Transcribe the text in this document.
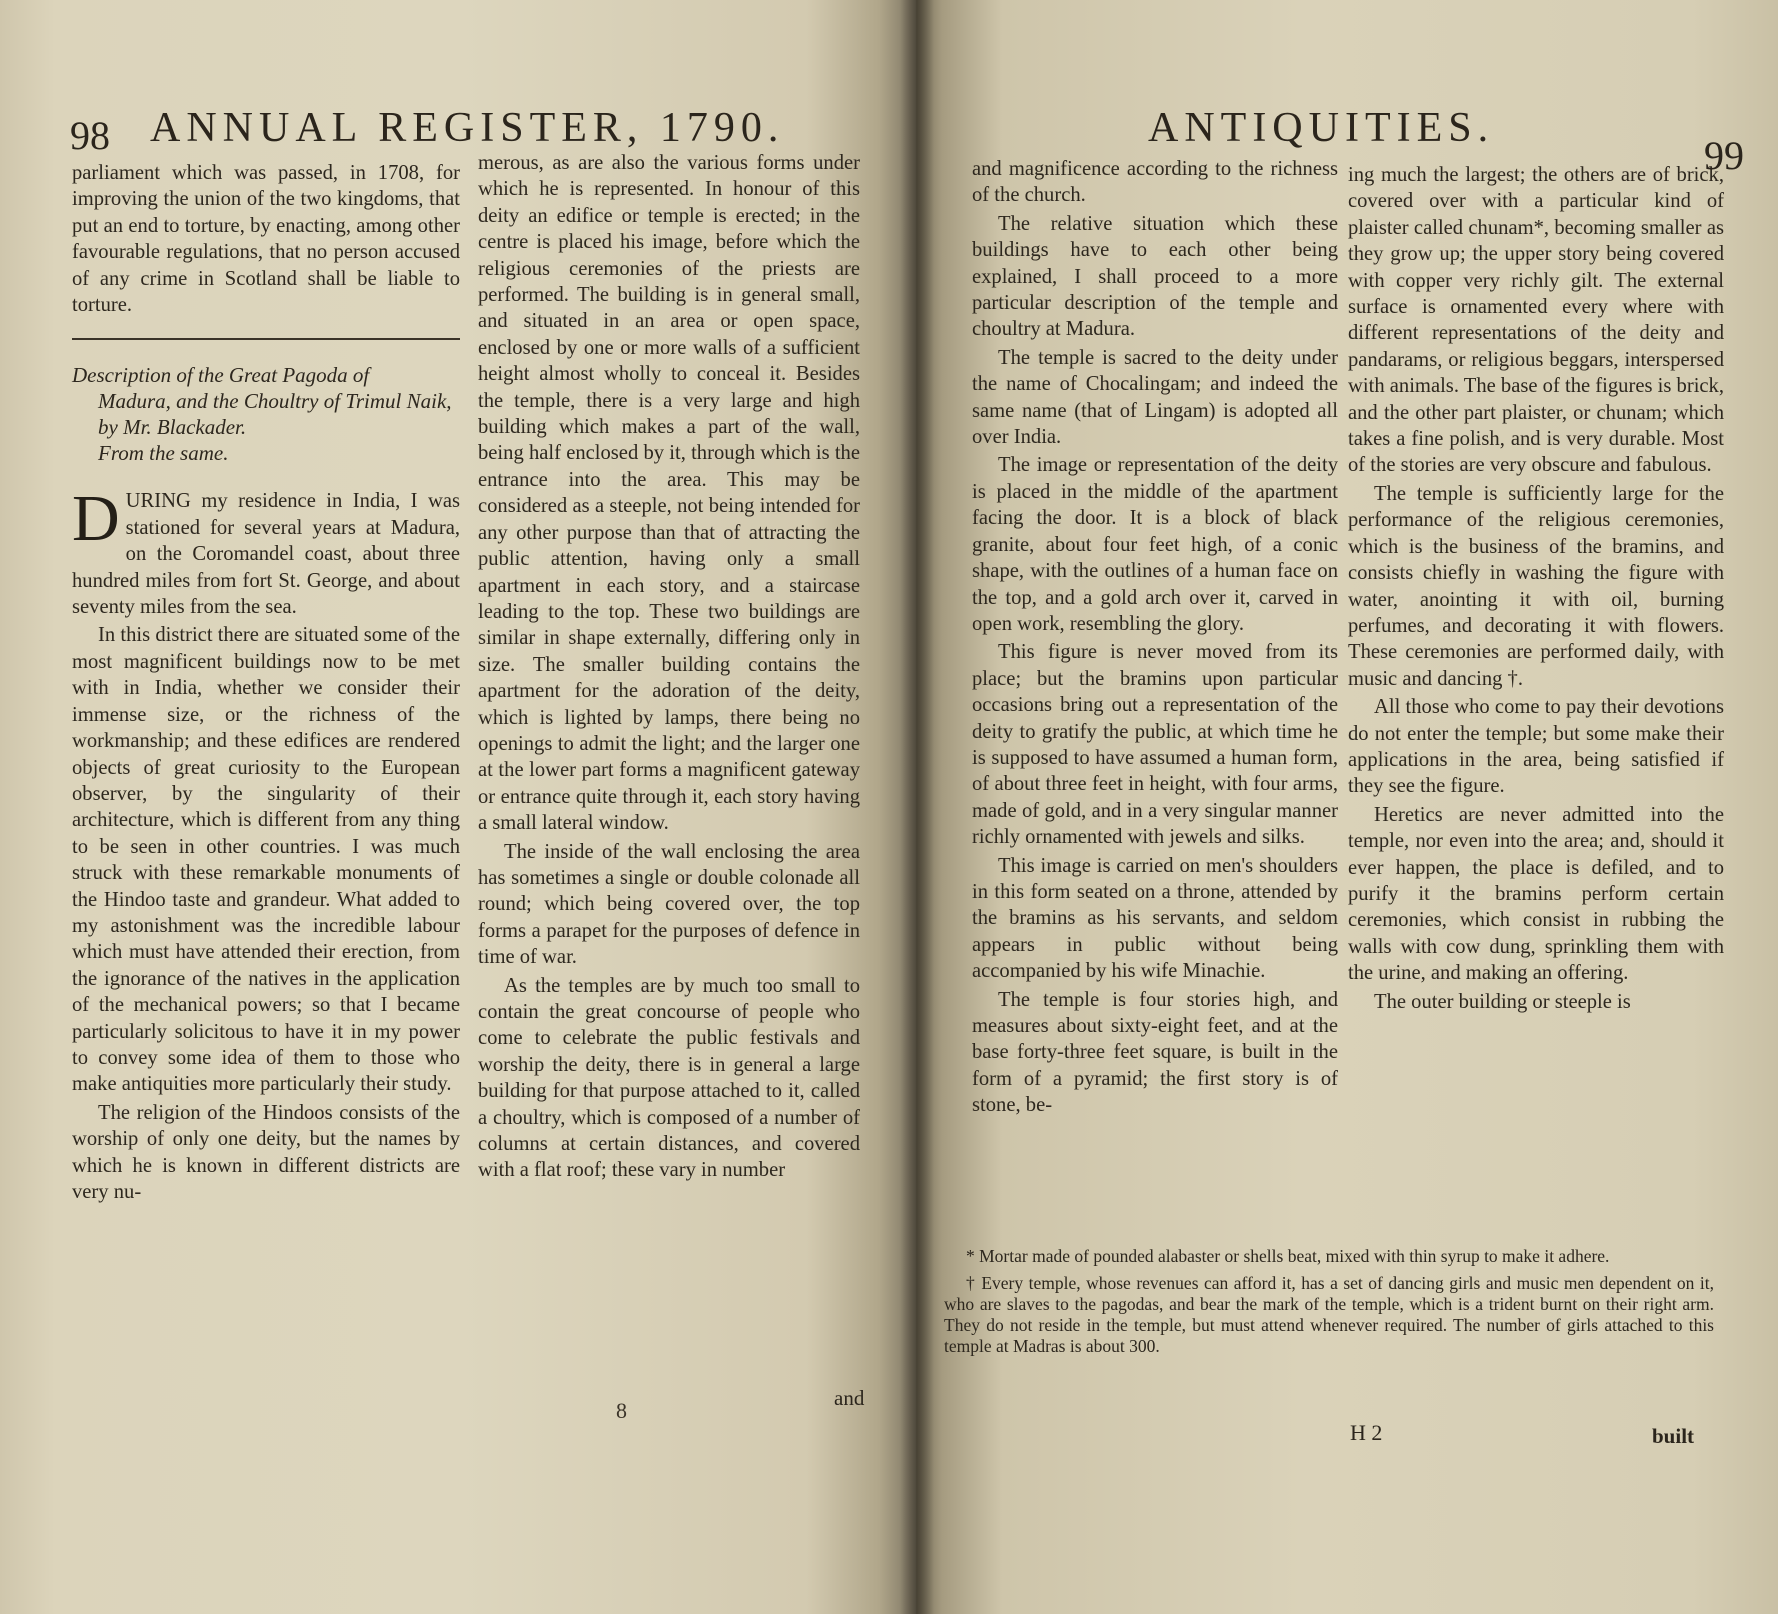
98 ANNUAL REGISTER, 1790.

parliament which was passed, in 1708, for improving the union of the two kingdoms, that put an end to torture, by enacting, among other favourable regulations, that no person accused of any crime in Scotland shall be liable to torture.

Description of the Great Pagoda of
Madura, and the Choultry of Trimul Naik, by Mr. Blackader.
From the same.

DURING my residence in India, I was stationed for several years at Madura, on the Coromandel coast, about three hundred miles from fort St. George, and about seventy miles from the sea.

In this district there are situated some of the most magnificent buildings now to be met with in India, whether we consider their immense size, or the richness of the workmanship; and these edifices are rendered objects of great curiosity to the European observer, by the singularity of their architecture, which is different from any thing to be seen in other countries. I was much struck with these remarkable monuments of the Hindoo taste and grandeur. What added to my astonishment was the incredible labour which must have attended their erection, from the ignorance of the natives in the application of the mechanical powers; so that I became particularly solicitous to have it in my power to convey some idea of them to those who make antiquities more particularly their study.

The religion of the Hindoos consists of the worship of only one deity, but the names by which he is known in different districts are very nu-

merous, as are also the various forms under which he is represented. In honour of this deity an edifice or temple is erected; in the centre is placed his image, before which the religious ceremonies of the priests are performed. The building is in general small, and situated in an area or open space, enclosed by one or more walls of a sufficient height almost wholly to conceal it. Besides the temple, there is a very large and high building which makes a part of the wall, being half enclosed by it, through which is the entrance into the area. This may be considered as a steeple, not being intended for any other purpose than that of attracting the public attention, having only a small apartment in each story, and a staircase leading to the top. These two buildings are similar in shape externally, differing only in size. The smaller building contains the apartment for the adoration of the deity, which is lighted by lamps, there being no openings to admit the light; and the larger one at the lower part forms a magnificent gateway or entrance quite through it, each story having a small lateral window.

The inside of the wall enclosing the area has sometimes a single or double colonade all round; which being covered over, the top forms a parapet for the purposes of defence in time of war.

As the temples are by much too small to contain the great concourse of people who come to celebrate the public festivals and worship the deity, there is in general a large building for that purpose attached to it, called a choultry, which is composed of a number of columns at certain distances, and covered with a flat roof; these vary in number

and
8
ANTIQUITIES.
99

and magnificence according to the richness of the church.

The relative situation which these buildings have to each other being explained, I shall proceed to a more particular description of the temple and choultry at Madura.

The temple is sacred to the deity under the name of Chocalingam; and indeed the same name (that of Lingam) is adopted all over India.

The image or representation of the deity is placed in the middle of the apartment facing the door. It is a block of black granite, about four feet high, of a conic shape, with the outlines of a human face on the top, and a gold arch over it, carved in open work, resembling the glory.

This figure is never moved from its place; but the bramins upon particular occasions bring out a representation of the deity to gratify the public, at which time he is supposed to have assumed a human form, of about three feet in height, with four arms, made of gold, and in a very singular manner richly ornamented with jewels and silks.

This image is carried on men's shoulders in this form seated on a throne, attended by the bramins as his servants, and seldom appears in public without being accompanied by his wife Minachie.

The temple is four stories high, and measures about sixty-eight feet, and at the base forty-three feet square, is built in the form of a pyramid; the first story is of stone, be-

ing much the largest; the others are of brick, covered over with a particular kind of plaister called chunam*, becoming smaller as they grow up; the upper story being covered with copper very richly gilt. The external surface is ornamented every where with different representations of the deity and pandarams, or religious beggars, interspersed with animals. The base of the figures is brick, and the other part plaister, or chunam; which takes a fine polish, and is very durable. Most of the stories are very obscure and fabulous.

The temple is sufficiently large for the performance of the religious ceremonies, which is the business of the bramins, and consists chiefly in washing the figure with water, anointing it with oil, burning perfumes, and decorating it with flowers. These ceremonies are performed daily, with music and dancing †.

All those who come to pay their devotions do not enter the temple; but some make their applications in the area, being satisfied if they see the figure.

Heretics are never admitted into the temple, nor even into the area; and, should it ever happen, the place is defiled, and to purify it the bramins perform certain ceremonies, which consist in rubbing the walls with cow dung, sprinkling them with the urine, and making an offering.

The outer building or steeple is

* Mortar made of pounded alabaster or shells beat, mixed with thin syrup to make it adhere.

† Every temple, whose revenues can afford it, has a set of dancing girls and music men dependent on it, who are slaves to the pagodas, and bear the mark of the temple, which is a trident burnt on their right arm. They do not reside in the temple, but must attend whenever required. The number of girls attached to this temple at Madras is about 300.

H 2	built
